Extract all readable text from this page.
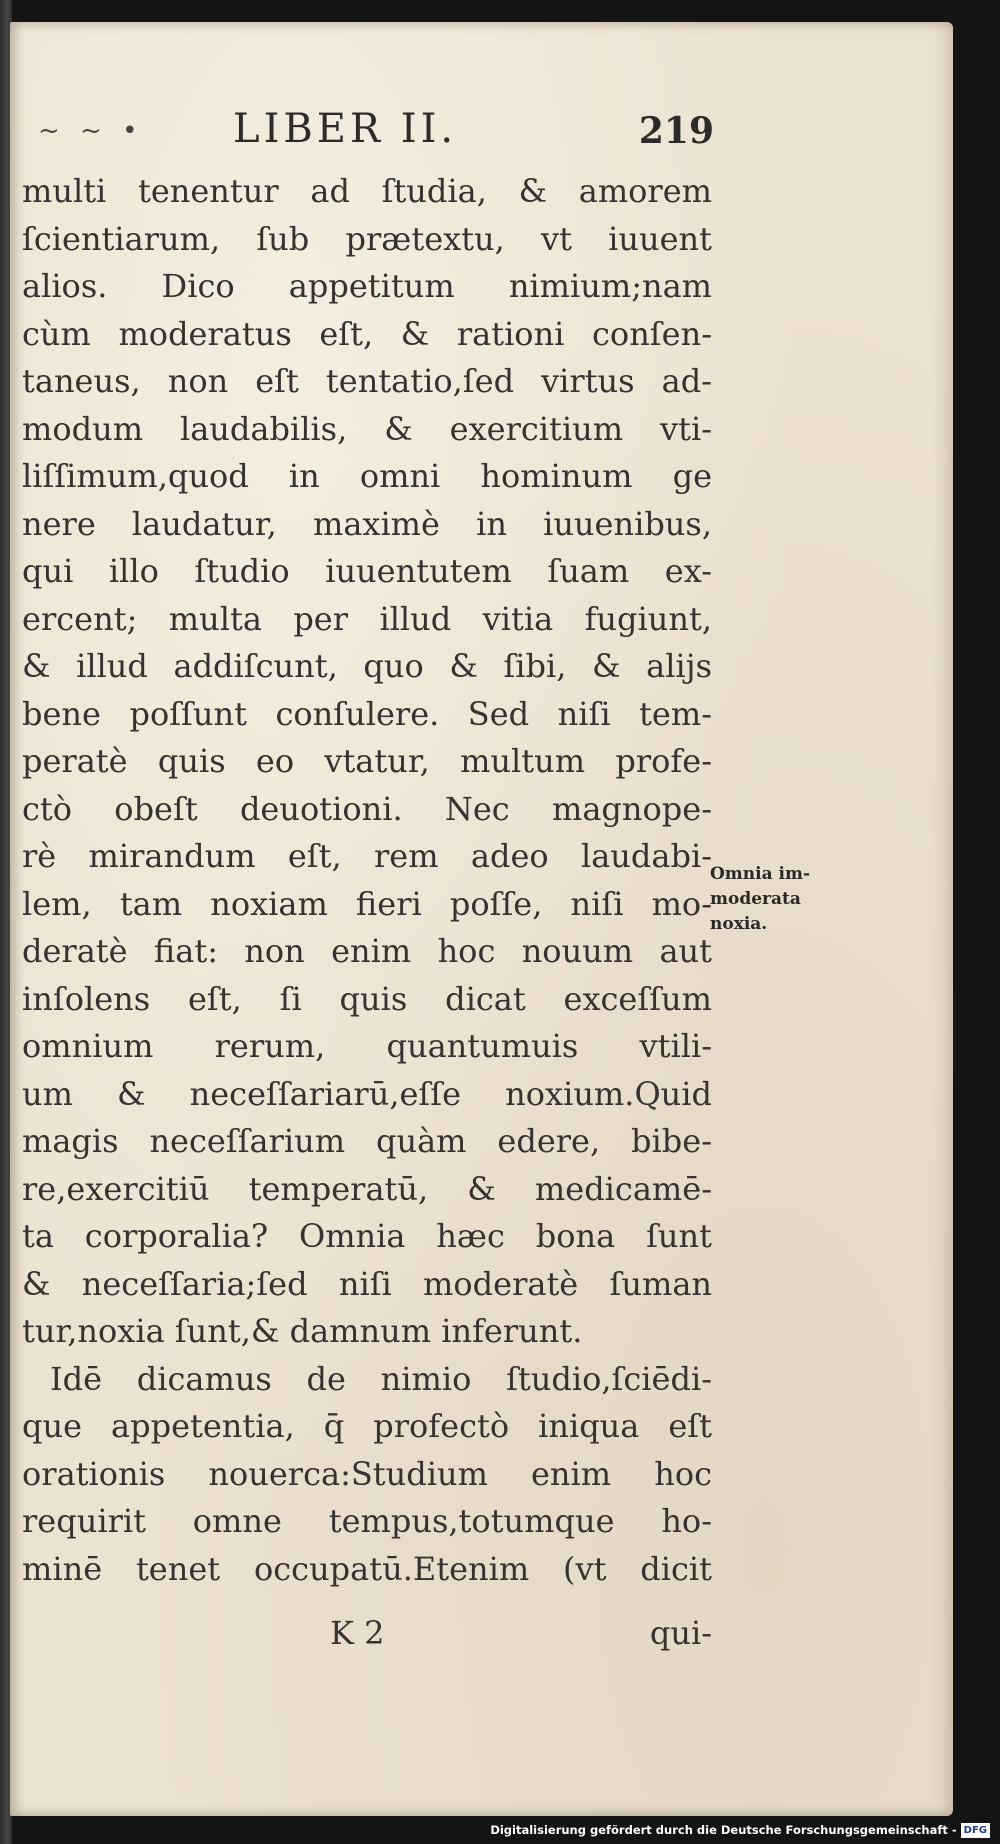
~ ~ • LIBER II.	219
multi tenentur ad ſtudia, & amorem
ſcientiarum, ſub prætextu, vt iuuent
alios. Dico appetitum nimium;nam
cùm moderatus eſt, & rationi conſen-
taneus, non eſt tentatio,ſed virtus ad-
modum laudabilis, & exercitium vti-
liſſimum,quod in omni hominum ge
nere laudatur, maximè in iuuenibus,
qui illo ſtudio iuuentutem ſuam ex-
ercent; multa per illud vitia fugiunt,
& illud addiſcunt, quo & ſibi, & alijs
bene poſſunt conſulere. Sed niſi tem-
peratè quis eo vtatur, multum profe-
ctò obeſt deuotioni. Nec magnope-
rè mirandum eſt, rem adeo laudabi-
lem, tam noxiam fieri poſſe, niſi mo-
deratè fiat: non enim hoc nouum aut
inſolens eſt, ſi quis dicat exceſſum
omnium rerum, quantumuis vtili-
um & neceſſariarū,eſſe noxium.Quid
magis neceſſarium quàm edere, bibe-
re,exercitiū temperatū, & medicamē-
ta corporalia? Omnia hæc bona ſunt
& neceſſaria;ſed niſi moderatè ſuman
tur,noxia ſunt,& damnum inferunt.
Idē dicamus de nimio ſtudio,ſciēdi-
que appetentia, q̄ profectò iniqua eſt
orationis nouerca:Studium enim hoc
requirit omne tempus,totumque ho-
minē tenet occupatū.Etenim (vt dicit
K 2	qui-
Omnia im-
moderata
noxia.
Digitalisierung gefördert durch die Deutsche Forschungsgemeinschaft - DFG
